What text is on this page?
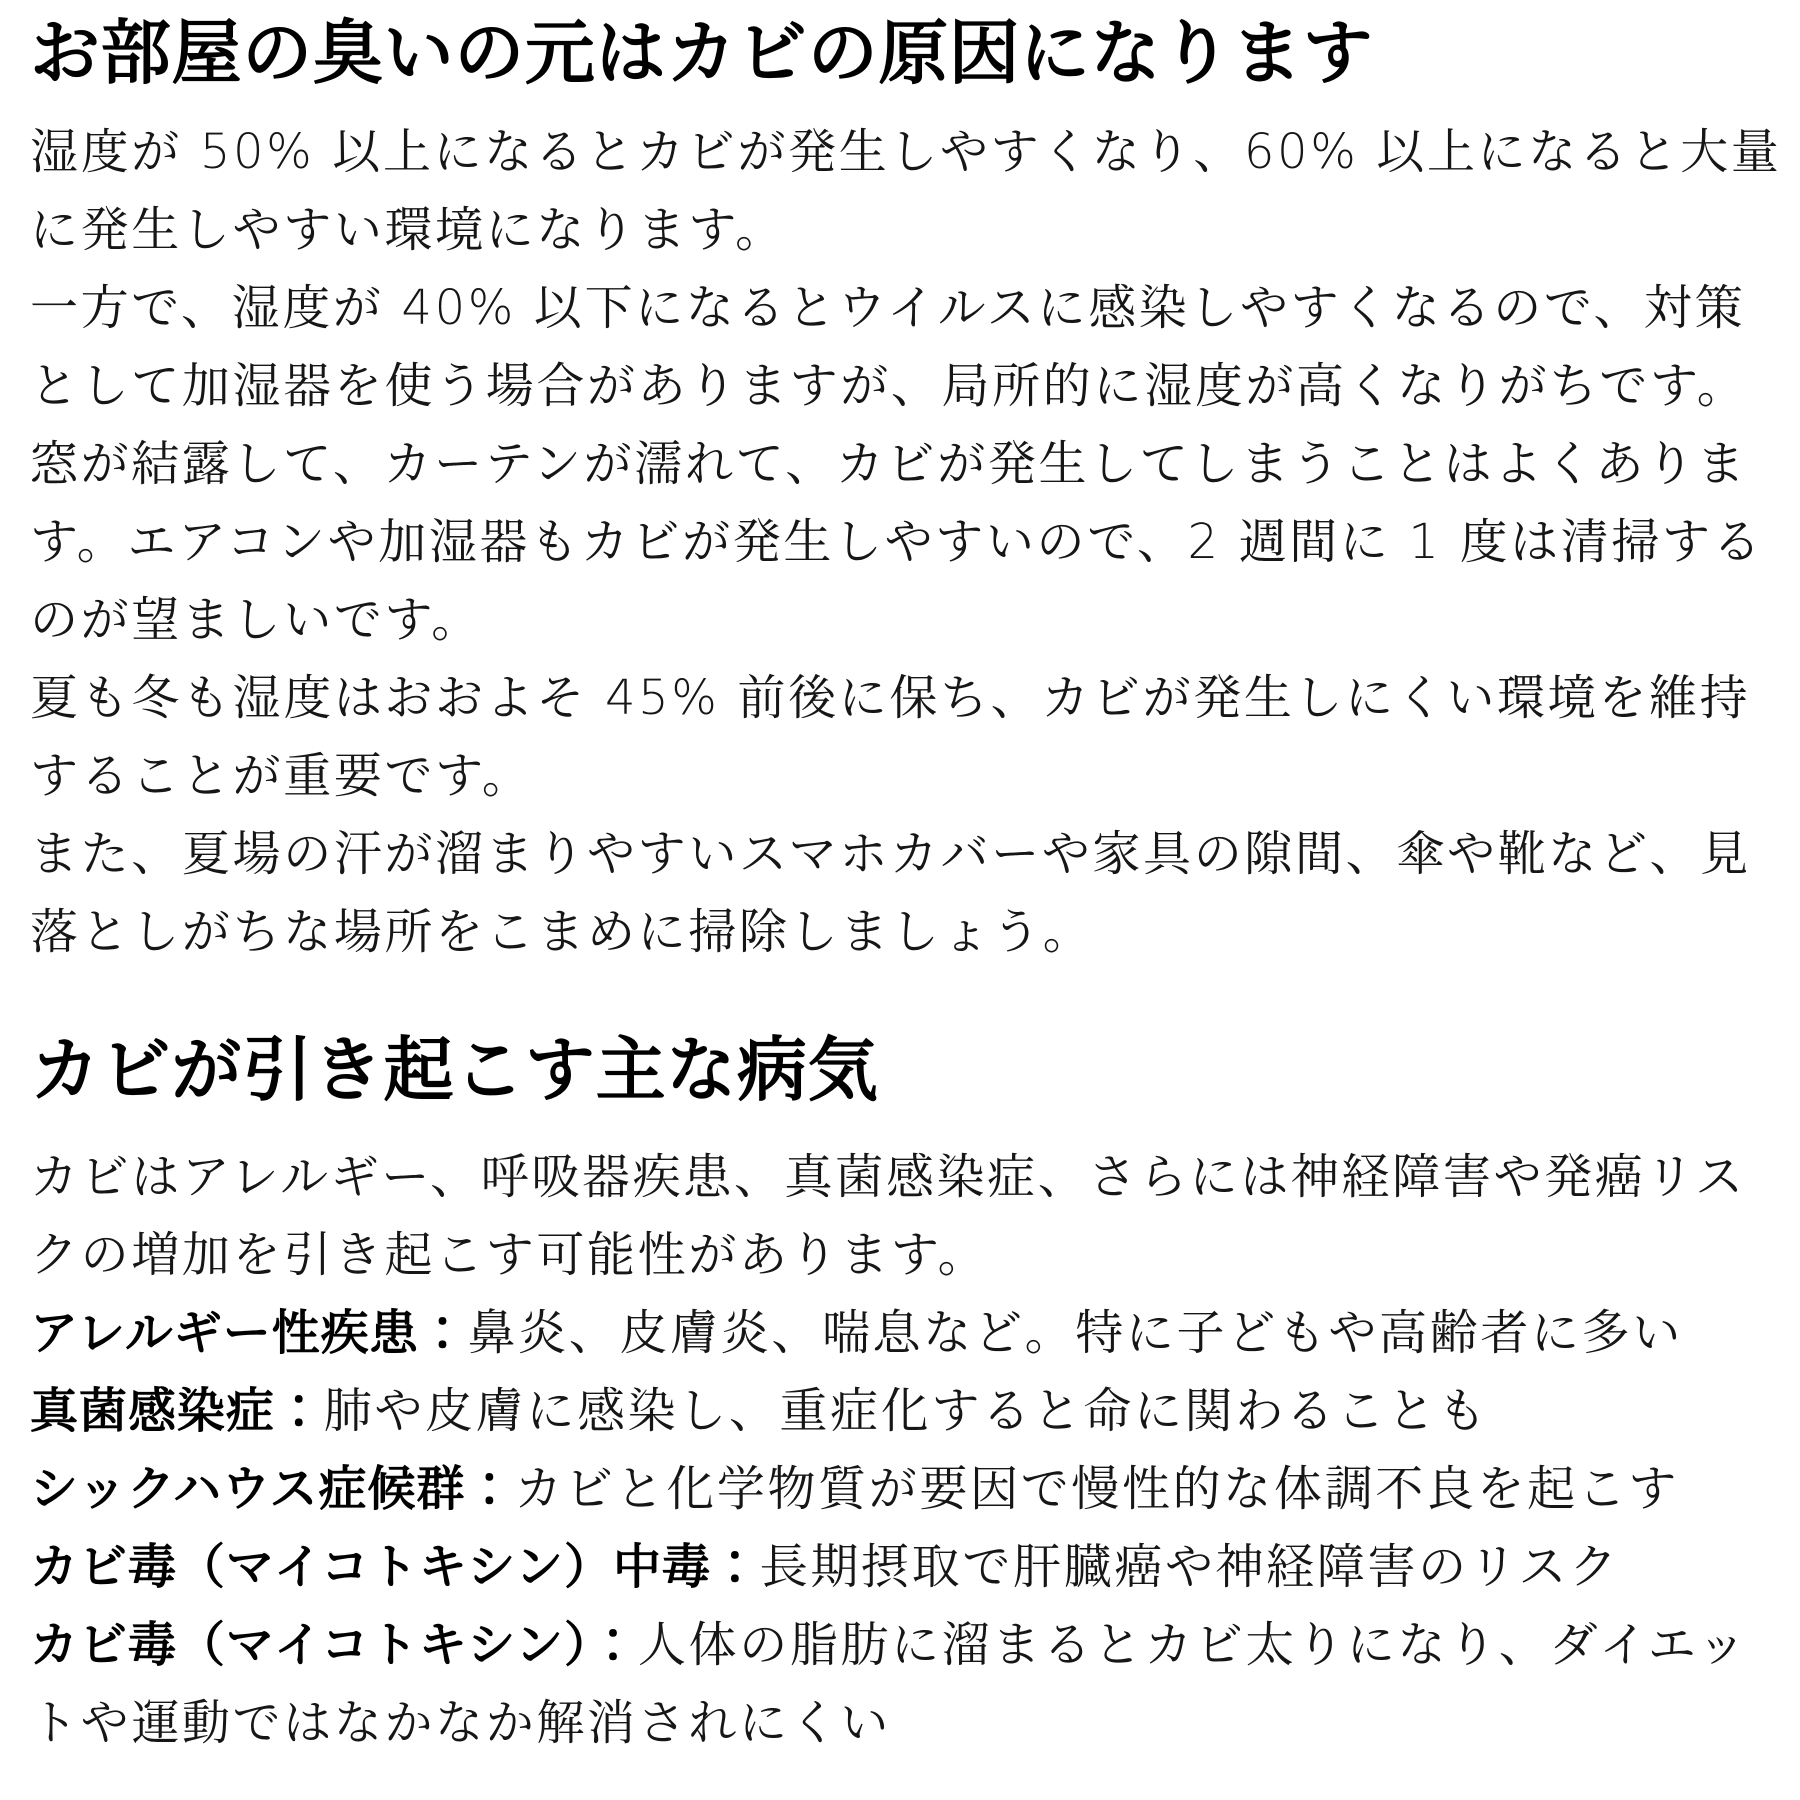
お部屋の臭いの元はカビの原因になります
湿度が 50% 以上になるとカビが発生しやすくなり、60% 以上になると大量
に発生しやすい環境になります。
一方で、湿度が 40% 以下になるとウイルスに感染しやすくなるので、対策
として加湿器を使う場合がありますが、局所的に湿度が高くなりがちです。
窓が結露して、カーテンが濡れて、カビが発生してしまうことはよくありま
す。エアコンや加湿器もカビが発生しやすいので、2 週間に 1 度は清掃する
のが望ましいです。
夏も冬も湿度はおおよそ 45% 前後に保ち、カビが発生しにくい環境を維持
することが重要です。
また、夏場の汗が溜まりやすいスマホカバーや家具の隙間、傘や靴など、見
落としがちな場所をこまめに掃除しましょう。
カビが引き起こす主な病気
カビはアレルギー、呼吸器疾患、真菌感染症、さらには神経障害や発癌リス
クの増加を引き起こす可能性があります。
アレルギー性疾患：鼻炎、皮膚炎、喘息など。特に子どもや高齢者に多い
真菌感染症：肺や皮膚に感染し、重症化すると命に関わることも
シックハウス症候群：カビと化学物質が要因で慢性的な体調不良を起こす
カビ毒（マイコトキシン）中毒：長期摂取で肝臓癌や神経障害のリスク
カビ毒（マイコトキシン）：人体の脂肪に溜まるとカビ太りになり、ダイエッ
トや運動ではなかなか解消されにくい
